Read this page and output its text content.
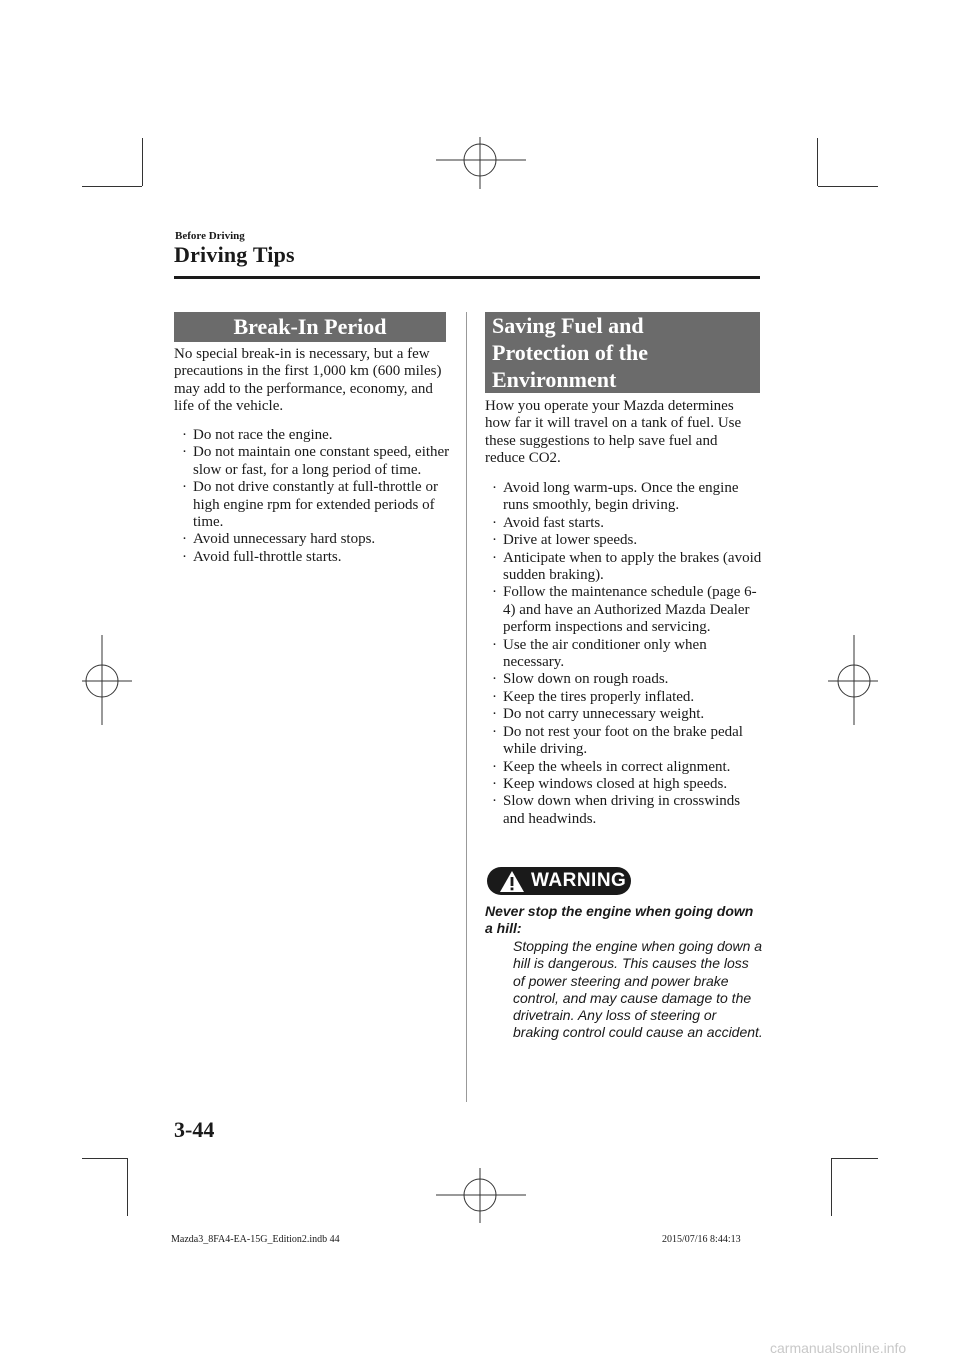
Before Driving
Driving Tips
Break-In Period
No special break-in is necessary, but a few precautions in the first 1,000 km (600 miles) may add to the performance, economy, and life of the vehicle.
· Do not race the engine.
· Do not maintain one constant speed, either slow or fast, for a long period of time.
· Do not drive constantly at full-throttle or high engine rpm for extended periods of time.
· Avoid unnecessary hard stops.
· Avoid full-throttle starts.
Saving Fuel and
Protection of the
Environment
How you operate your Mazda determines how far it will travel on a tank of fuel. Use these suggestions to help save fuel and reduce CO2.
· Avoid long warm-ups. Once the engine runs smoothly, begin driving.
· Avoid fast starts.
· Drive at lower speeds.
· Anticipate when to apply the brakes (avoid sudden braking).
· Follow the maintenance schedule (page 6-4) and have an Authorized Mazda Dealer perform inspections and servicing.
· Use the air conditioner only when necessary.
· Slow down on rough roads.
· Keep the tires properly inflated.
· Do not carry unnecessary weight.
· Do not rest your foot on the brake pedal while driving.
· Keep the wheels in correct alignment.
· Keep windows closed at high speeds.
· Slow down when driving in crosswinds and headwinds.
WARNING
Never stop the engine when going down a hill:
Stopping the engine when going down a hill is dangerous. This causes the loss of power steering and power brake control, and may cause damage to the drivetrain. Any loss of steering or braking control could cause an accident.
3-44
Mazda3_8FA4-EA-15G_Edition2.indb 44	2015/07/16 8:44:13
carmanualsonline.info
